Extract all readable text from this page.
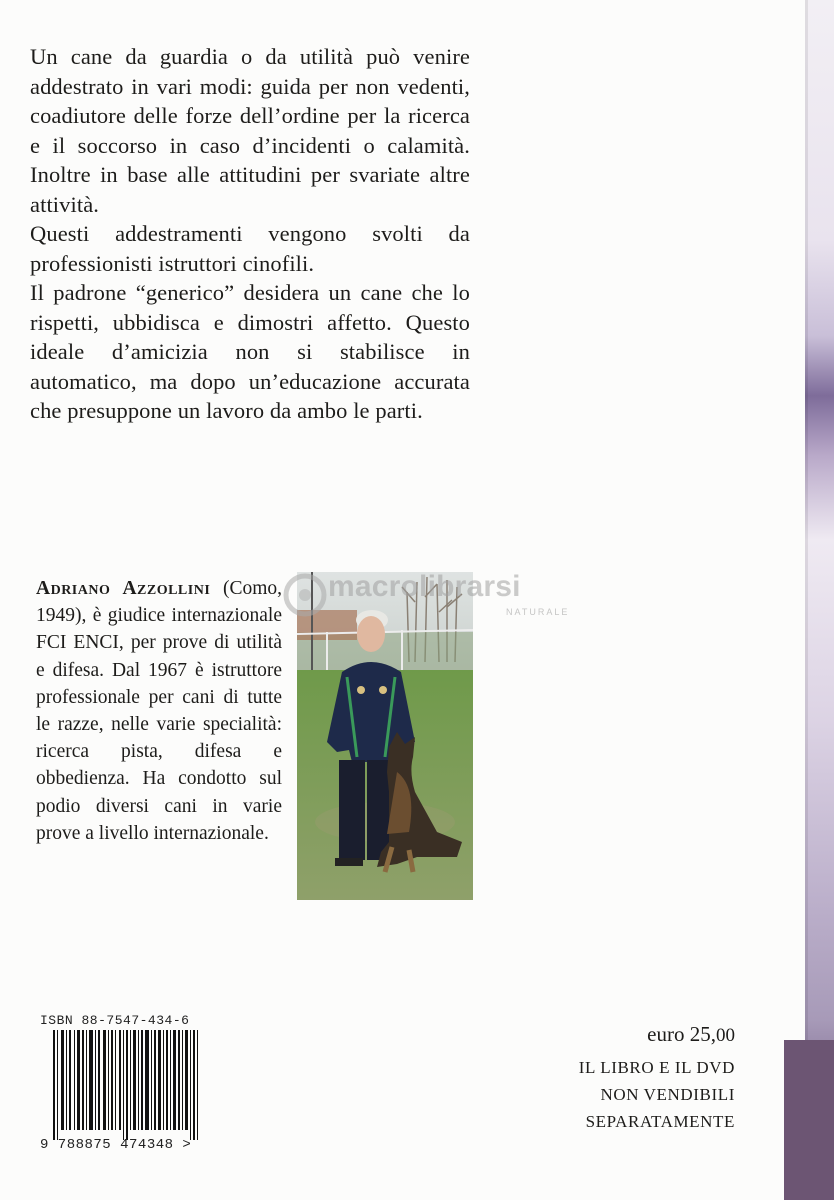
Un cane da guardia o da utilità può venire addestrato in vari modi: guida per non vedenti, coadiutore delle forze dell’ordine per la ricerca e il soccorso in caso d’incidenti o calamità. Inoltre in base alle attitudini per svariate altre attività.

Questi addestramenti vengono svolti da professionisti istruttori cinofili.

Il padrone “generico” desidera un cane che lo rispetti, ubbidisca e dimostri affetto. Questo ideale d’amicizia non si stabilisce in automatico, ma dopo un’educazione accurata che presuppone un lavoro da ambo le parti.

Adriano Azzollini (Como, 1949), è giudice internazionale FCI ENCI, per prove di utilità e difesa. Dal 1967 è istruttore professionale per cani di tutte le razze, nelle varie specialità: ricerca pista, difesa e obbedienza. Ha condotto sul podio diversi cani in varie prove a livello internazionale.

macrolibrarsi
NATURALE
ISBN 88-7547-434-6
9 788875 474348 >
euro 25,00
IL LIBRO E IL DVD
NON VENDIBILI
SEPARATAMENTE
